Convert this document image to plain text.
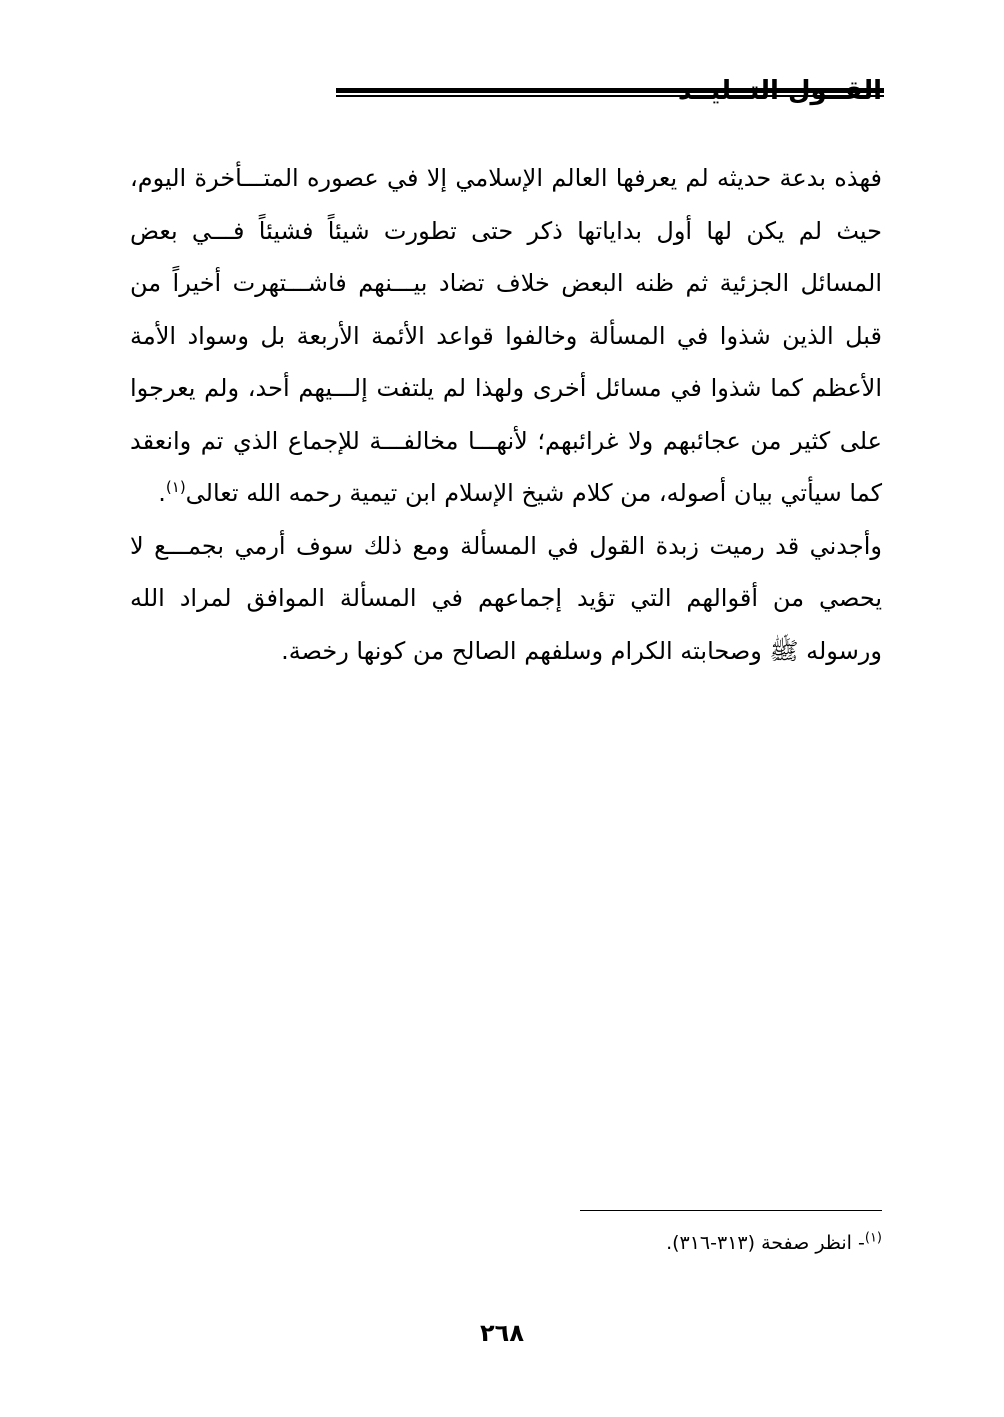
القــول التــليــد

فهذه بدعة حديثه لم يعرفها العالم الإسلامي إلا في عصوره المتـــأخرة اليوم، حيث لم يكن لها أول بداياتها ذكر حتى تطورت شيئاً فشيئاً فـــي بعض المسائل الجزئية ثم ظنه البعض خلاف تضاد بيـــنهم فاشـــتهرت أخيراً من قبل الذين شذوا في المسألة وخالفوا قواعد الأئمة الأربعة بل وسواد الأمة الأعظم كما شذوا في مسائل أخرى ولهذا لم يلتفت إلـــيهم أحد، ولم يعرجوا على كثير من عجائبهم ولا غرائبهم؛ لأنهـــا مخالفـــة للإجماع الذي تم وانعقد كما سيأتي بيان أصوله، من كلام شيخ الإسلام ابن تيمية رحمه الله تعالى$^{(١)}$.

وأجدني قد رميت زبدة القول في المسألة ومع ذلك سوف أرمي بجمـــع لا يحصي من أقوالهم التي تؤيد إجماعهم في المسألة الموافق لمراد الله ورسوله ﷺ وصحابته الكرام وسلفهم الصالح من كونها رخصة.

$^{(١)}$- انظر صفحة (٣١٣-٣١٦).
٢٦٨
